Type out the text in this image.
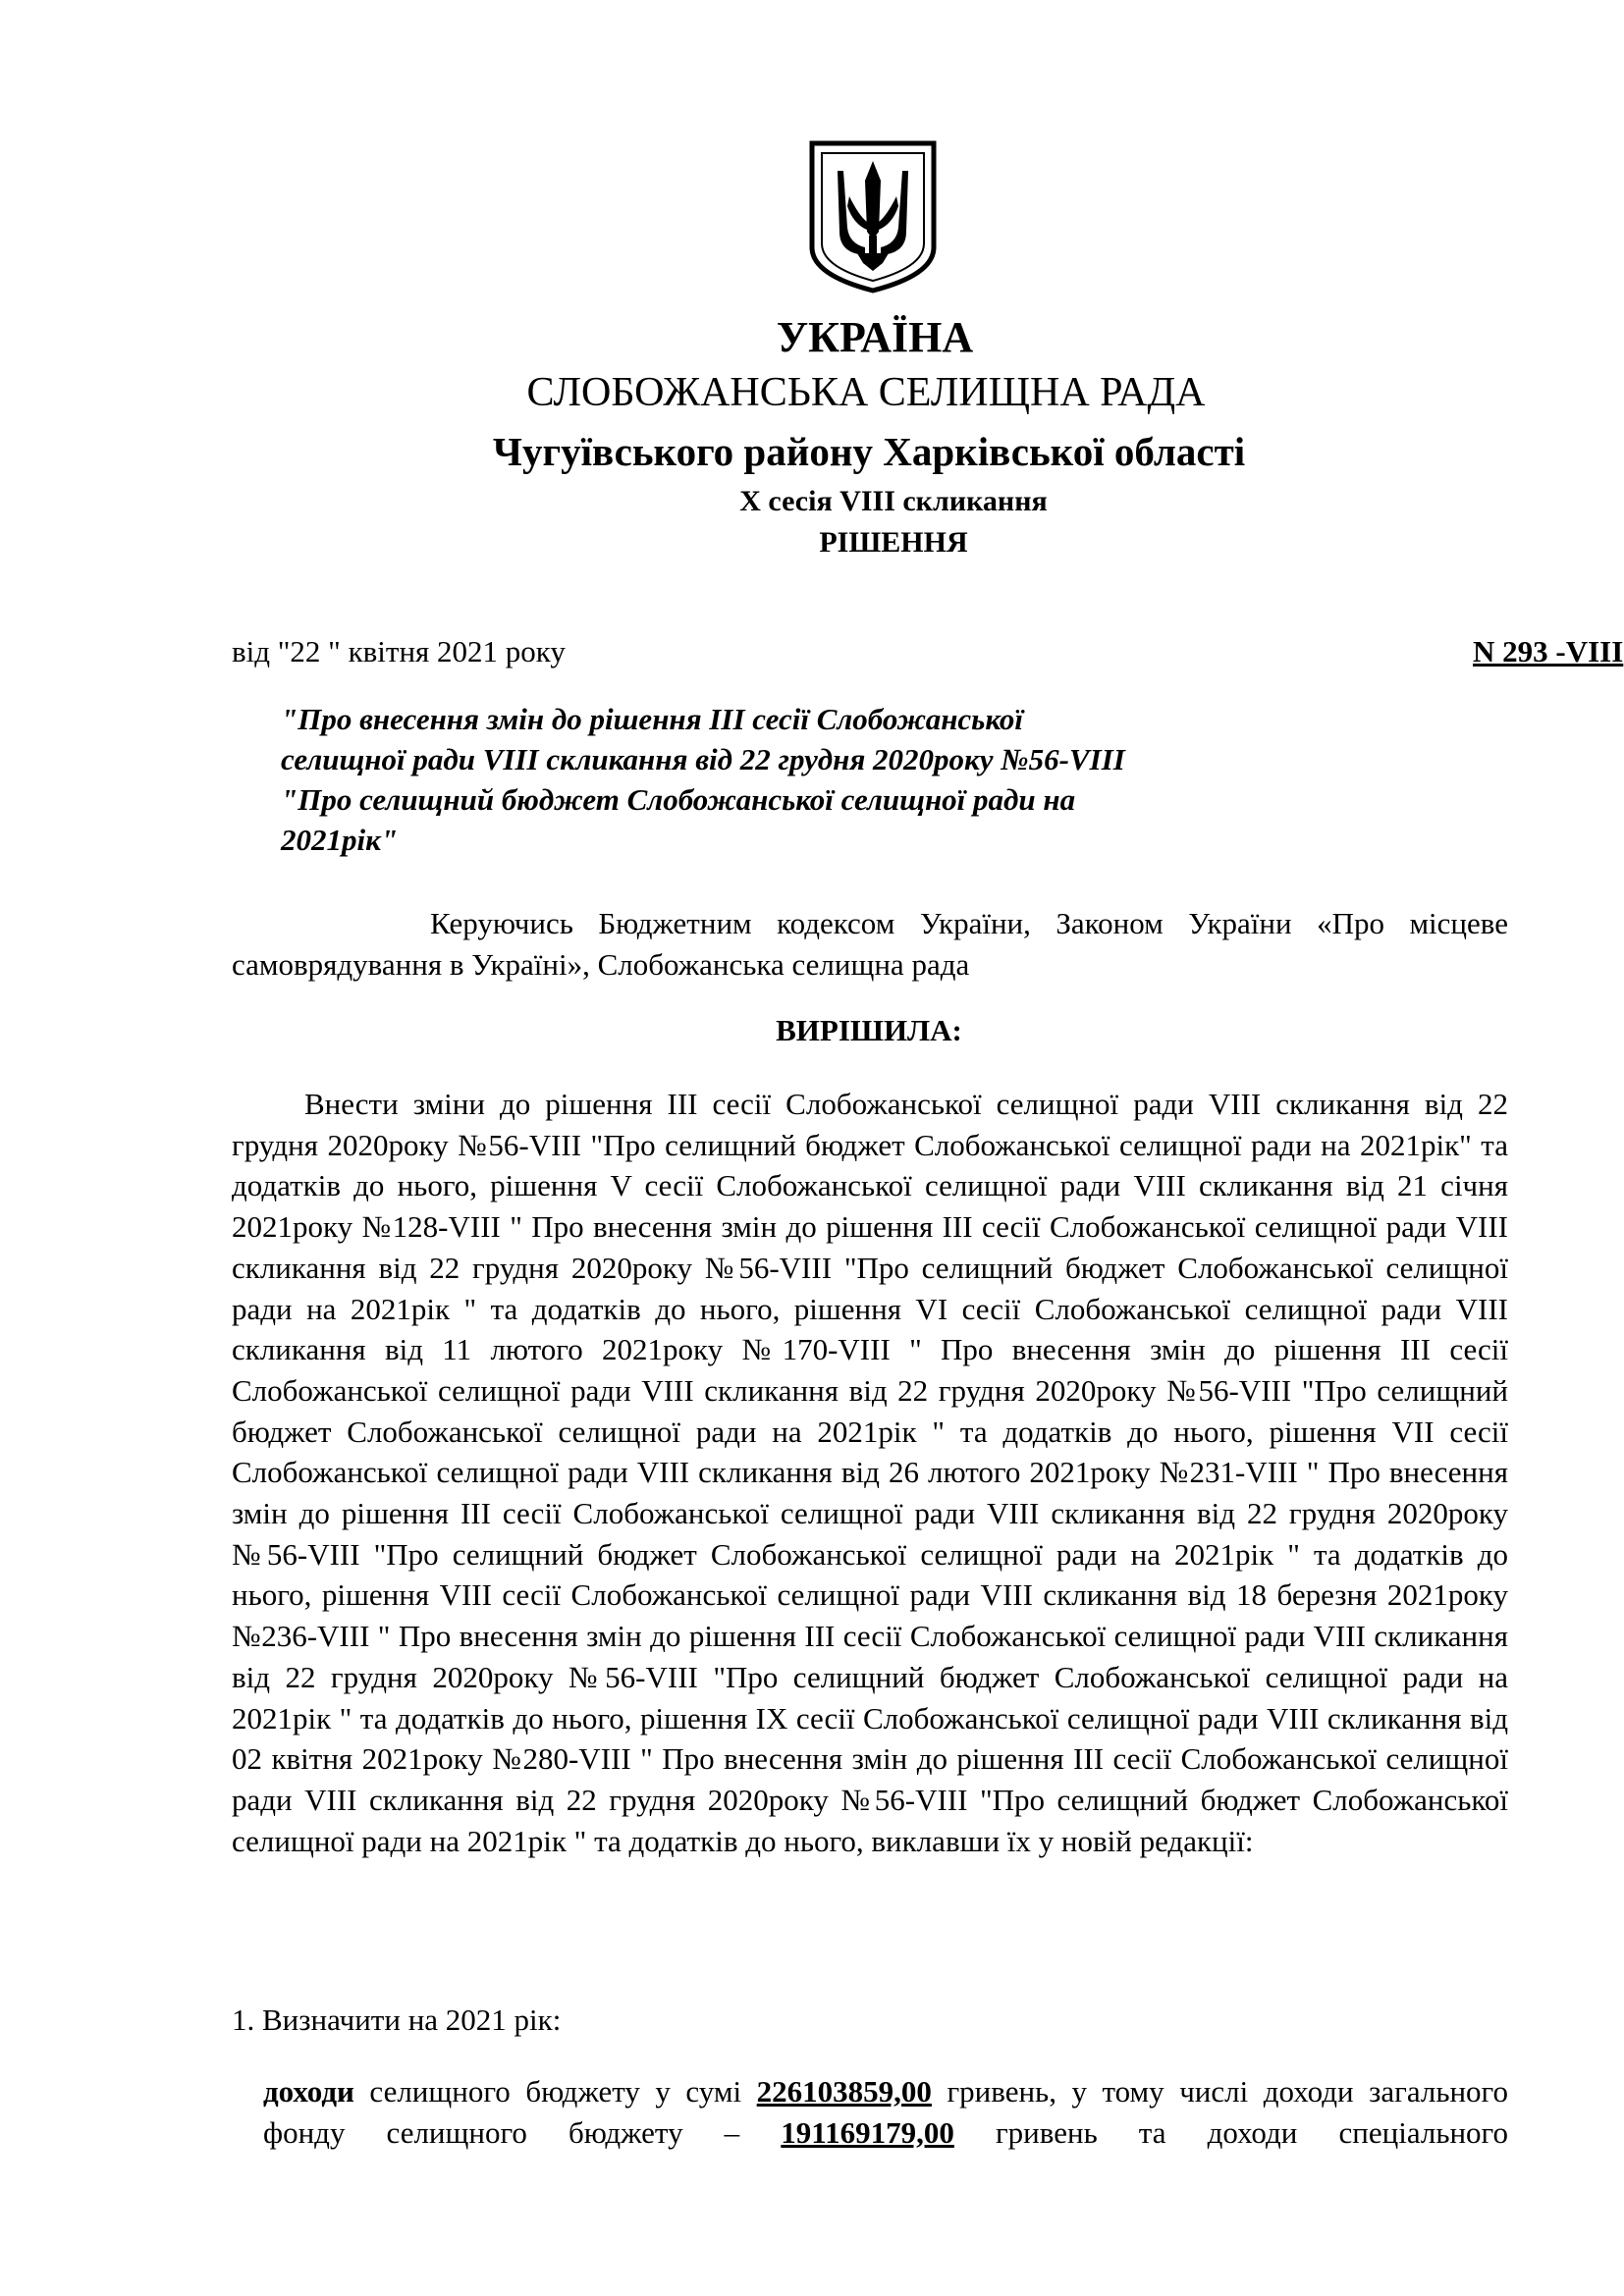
УКРАЇНА
СЛОБОЖАНСЬКА СЕЛИЩНА РАДА
Чугуївського району Харківської області
X сесія VIII скликання
РІШЕННЯ
від "22 " квітня 2021 року	N 293 -VIII
"Про внесення змін до рішення ІІІ сесії Слобожанської селищної ради VIII скликання від 22 грудня 2020року №56-VIII "Про селищний бюджет Слобожанської селищної ради на 2021рік"
Керуючись Бюджетним кодексом України, Законом України «Про місцеве самоврядування в Україні», Слобожанська селищна рада
ВИРІШИЛА:
Внести зміни до рішення ІІІ сесії Слобожанської селищної ради VIII скликання від 22 грудня 2020року №56-VIII "Про селищний бюджет Слобожанської селищної ради на 2021рік" та додатків до нього, рішення V сесії Слобожанської селищної ради VIII скликання від 21 січня 2021року №128-VIII " Про внесення змін до рішення ІІІ сесії Слобожанської селищної ради VIII скликання від 22 грудня 2020року №56-VIII "Про селищний бюджет Слобожанської селищної ради на 2021рік " та додатків до нього, рішення VI сесії Слобожанської селищної ради VIII скликання від 11 лютого 2021року №170-VIII " Про внесення змін до рішення ІІІ сесії Слобожанської селищної ради VIII скликання від 22 грудня 2020року №56-VIII "Про селищний бюджет Слобожанської селищної ради на 2021рік " та додатків до нього, рішення VII сесії Слобожанської селищної ради VIII скликання від 26 лютого 2021року №231-VIII " Про внесення змін до рішення ІІІ сесії Слобожанської селищної ради VIII скликання від 22 грудня 2020року №56-VIII "Про селищний бюджет Слобожанської селищної ради на 2021рік " та додатків до нього, рішення VIII сесії Слобожанської селищної ради VIII скликання від 18 березня 2021року №236-VIII " Про внесення змін до рішення ІІІ сесії Слобожанської селищної ради VIII скликання від 22 грудня 2020року №56-VIII "Про селищний бюджет Слобожанської селищної ради на 2021рік " та додатків до нього, рішення IX сесії Слобожанської селищної ради VIII скликання від 02 квітня 2021року №280-VIII " Про внесення змін до рішення ІІІ сесії Слобожанської селищної ради VIII скликання від 22 грудня 2020року №56-VIII "Про селищний бюджет Слобожанської селищної ради на 2021рік " та додатків до нього, виклавши їх у новій редакції:
1. Визначити на 2021 рік:
доходи селищного бюджету у сумі 226103859,00 гривень, у тому числі доходи загального фонду селищного бюджету – 191169179,00 гривень та доходи спеціального
